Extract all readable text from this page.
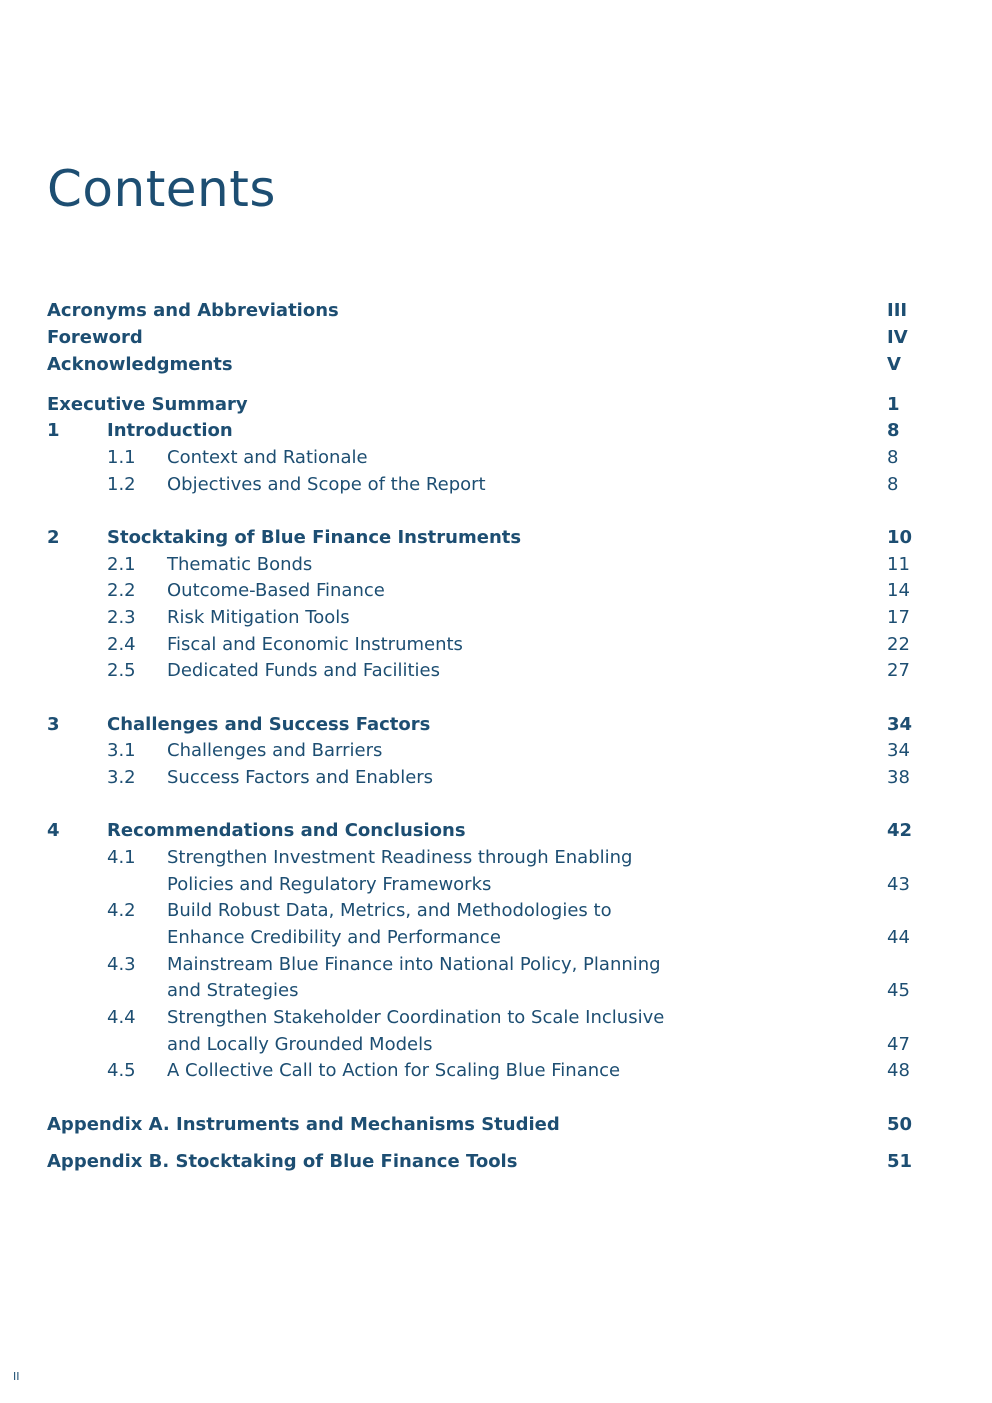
Contents
Acronyms and Abbreviations	III
Foreword	IV
Acknowledgments	V
Executive Summary	1
1	Introduction	8
1.1 Context and Rationale	8
1.2 Objectives and Scope of the Report	8
2	Stocktaking of Blue Finance Instruments	10
2.1 Thematic Bonds	11
2.2 Outcome-Based Finance	14
2.3 Risk Mitigation Tools	17
2.4 Fiscal and Economic Instruments	22
2.5 Dedicated Funds and Facilities	27
3	Challenges and Success Factors	34
3.1 Challenges and Barriers	34
3.2 Success Factors and Enablers	38
4	Recommendations and Conclusions	42
4.1 Strengthen Investment Readiness through Enabling
Policies and Regulatory Frameworks	43
4.2 Build Robust Data, Metrics, and Methodologies to
Enhance Credibility and Performance	44
4.3 Mainstream Blue Finance into National Policy, Planning
and Strategies	45
4.4 Strengthen Stakeholder Coordination to Scale Inclusive
and Locally Grounded Models	47
4.5 A Collective Call to Action for Scaling Blue Finance	48
Appendix A. Instruments and Mechanisms Studied	50
Appendix B. Stocktaking of Blue Finance Tools	51
II
